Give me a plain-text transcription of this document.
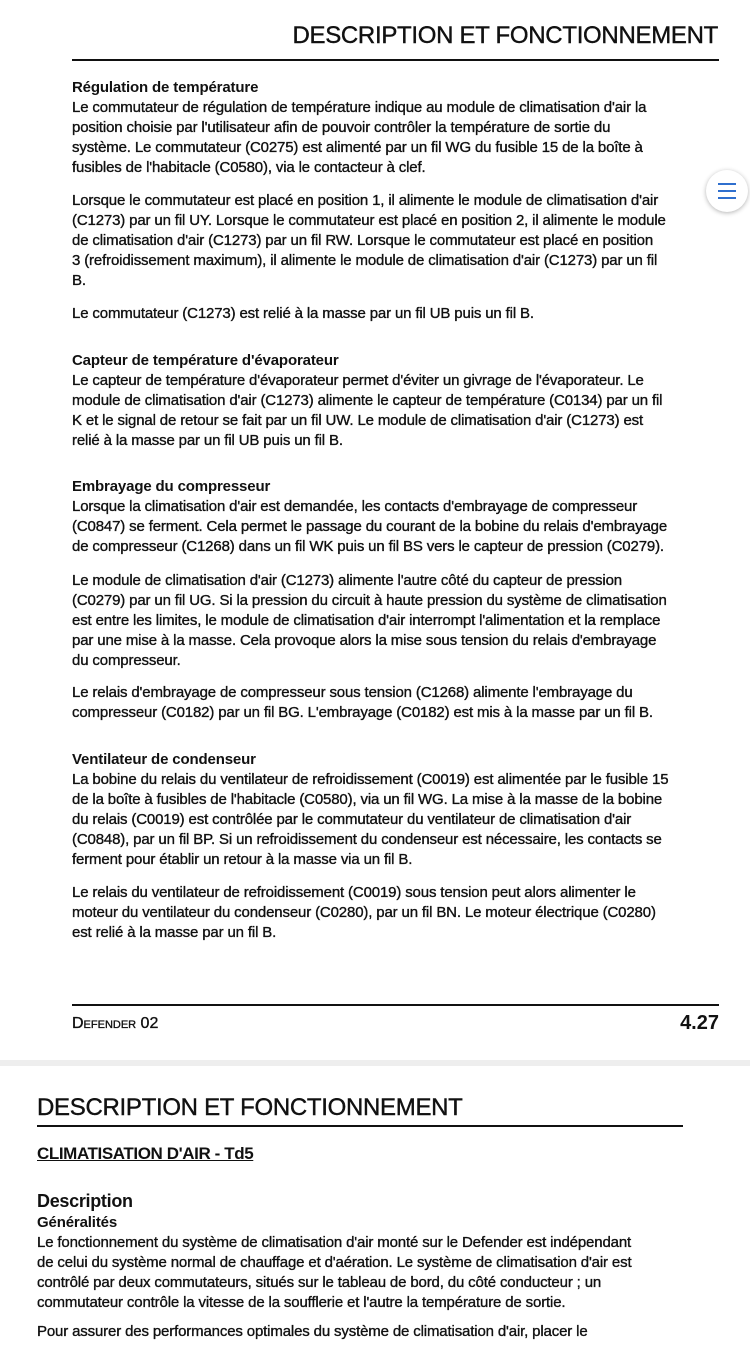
DESCRIPTION ET FONCTIONNEMENT
Régulation de température
Le commutateur de régulation de température indique au module de climatisation d'air la
position choisie par l'utilisateur afin de pouvoir contrôler la température de sortie du
système. Le commutateur (C0275) est alimenté par un fil WG du fusible 15 de la boîte à
fusibles de l'habitacle (C0580), via le contacteur à clef.
Lorsque le commutateur est placé en position 1, il alimente le module de climatisation d'air
(C1273) par un fil UY. Lorsque le commutateur est placé en position 2, il alimente le module
de climatisation d'air (C1273) par un fil RW. Lorsque le commutateur est placé en position
3 (refroidissement maximum), il alimente le module de climatisation d'air (C1273) par un fil
B.
Le commutateur (C1273) est relié à la masse par un fil UB puis un fil B.
Capteur de température d'évaporateur
Le capteur de température d'évaporateur permet d'éviter un givrage de l'évaporateur. Le
module de climatisation d'air (C1273) alimente le capteur de température (C0134) par un fil
K et le signal de retour se fait par un fil UW. Le module de climatisation d'air (C1273) est
relié à la masse par un fil UB puis un fil B.
Embrayage du compresseur
Lorsque la climatisation d'air est demandée, les contacts d'embrayage de compresseur
(C0847) se ferment. Cela permet le passage du courant de la bobine du relais d'embrayage
de compresseur (C1268) dans un fil WK puis un fil BS vers le capteur de pression (C0279).
Le module de climatisation d'air (C1273) alimente l'autre côté du capteur de pression
(C0279) par un fil UG. Si la pression du circuit à haute pression du système de climatisation
est entre les limites, le module de climatisation d'air interrompt l'alimentation et la remplace
par une mise à la masse. Cela provoque alors la mise sous tension du relais d'embrayage
du compresseur.
Le relais d'embrayage de compresseur sous tension (C1268) alimente l'embrayage du
compresseur (C0182) par un fil BG. L'embrayage (C0182) est mis à la masse par un fil B.
Ventilateur de condenseur
La bobine du relais du ventilateur de refroidissement (C0019) est alimentée par le fusible 15
de la boîte à fusibles de l'habitacle (C0580), via un fil WG. La mise à la masse de la bobine
du relais (C0019) est contrôlée par le commutateur du ventilateur de climatisation d'air
(C0848), par un fil BP. Si un refroidissement du condenseur est nécessaire, les contacts se
ferment pour établir un retour à la masse via un fil B.
Le relais du ventilateur de refroidissement (C0019) sous tension peut alors alimenter le
moteur du ventilateur du condenseur (C0280), par un fil BN. Le moteur électrique (C0280)
est relié à la masse par un fil B.
Defender 02	4.27
DESCRIPTION ET FONCTIONNEMENT
CLIMATISATION D'AIR - Td5
Description
Généralités
Le fonctionnement du système de climatisation d'air monté sur le Defender est indépendant
de celui du système normal de chauffage et d'aération. Le système de climatisation d'air est
contrôlé par deux commutateurs, situés sur le tableau de bord, du côté conducteur ; un
commutateur contrôle la vitesse de la soufflerie et l'autre la température de sortie.
Pour assurer des performances optimales du système de climatisation d'air, placer le
